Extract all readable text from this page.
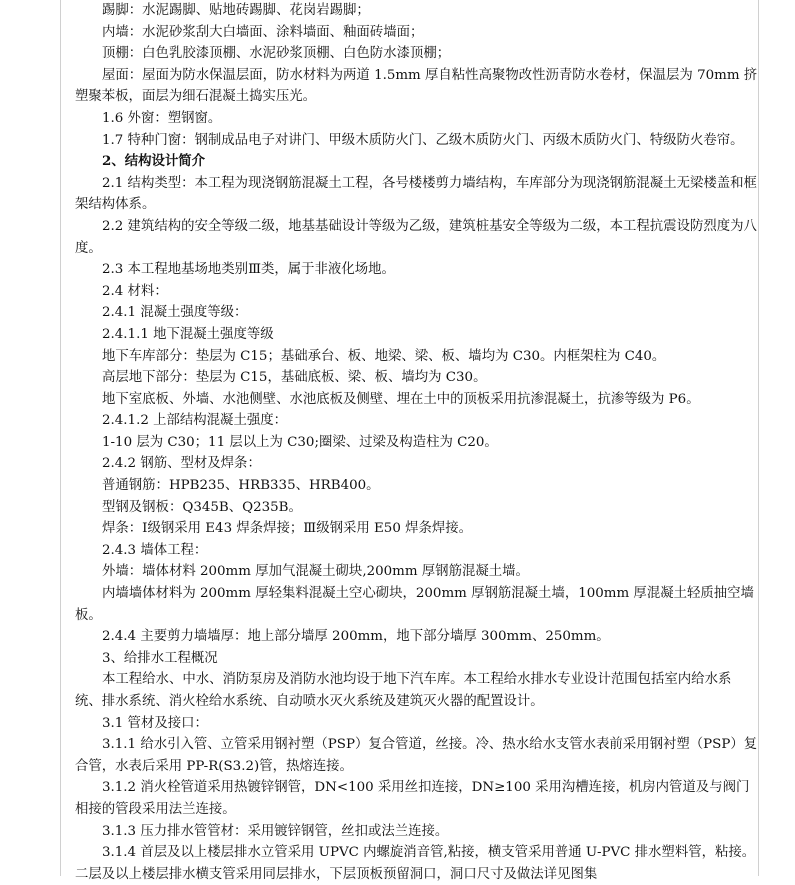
踢脚：水泥踢脚、贴地砖踢脚、花岗岩踢脚；

内墙：水泥砂浆刮大白墙面、涂料墙面、釉面砖墙面；

顶棚：白色乳胶漆顶棚、水泥砂浆顶棚、白色防水漆顶棚；

屋面：屋面为防水保温层面，防水材料为两道 1.5mm 厚自粘性高聚物改性沥青防水卷材，保温层为 70mm 挤塑聚苯板，面层为细石混凝土捣实压光。

1.6 外窗：塑钢窗。

1.7 特种门窗：钢制成品电子对讲门、甲级木质防火门、乙级木质防火门、丙级木质防火门、特级防火卷帘。

2、结构设计简介

2.1 结构类型：本工程为现浇钢筋混凝土工程，各号楼楼剪力墙结构，车库部分为现浇钢筋混凝土无梁楼盖和框架结构体系。

2.2 建筑结构的安全等级二级，地基基础设计等级为乙级，建筑桩基安全等级为二级，本工程抗震设防烈度为八度。

2.3 本工程地基场地类别Ⅲ类，属于非液化场地。

2.4 材料：

2.4.1 混凝土强度等级：

2.4.1.1 地下混凝土强度等级

地下车库部分：垫层为 C15；基础承台、板、地梁、梁、板、墙均为 C30。内框架柱为 C40。

高层地下部分：垫层为 C15，基础底板、梁、板、墙均为 C30。

地下室底板、外墙、水池侧壁、水池底板及侧壁、埋在土中的顶板采用抗渗混凝土，抗渗等级为 P6。

2.4.1.2 上部结构混凝土强度：

1-10 层为 C30；11 层以上为 C30;圈梁、过梁及构造柱为 C20。

2.4.2 钢筋、型材及焊条：

普通钢筋：HPB235、HRB335、HRB400。

型钢及钢板：Q345B、Q235B。

焊条：Ⅰ级钢采用 E43 焊条焊接；Ⅲ级钢采用 E50 焊条焊接。

2.4.3 墙体工程：

外墙：墙体材料 200mm 厚加气混凝土砌块,200mm 厚钢筋混凝土墙。

内墙墙体材料为 200mm 厚轻集料混凝土空心砌块，200mm 厚钢筋混凝土墙，100mm 厚混凝土轻质抽空墙板。

2.4.4 主要剪力墙墙厚：地上部分墙厚 200mm，地下部分墙厚 300mm、250mm。

3、给排水工程概况

本工程给水、中水、消防泵房及消防水池均设于地下汽车库。本工程给水排水专业设计范围包括室内给水系统、排水系统、消火栓给水系统、自动喷水灭火系统及建筑灭火器的配置设计。

3.1 管材及接口：

3.1.1 给水引入管、立管采用钢衬塑（PSP）复合管道，丝接。冷、热水给水支管水表前采用钢衬塑（PSP）复合管，水表后采用 PP-R(S3.2)管，热熔连接。

3.1.2 消火栓管道采用热镀锌钢管，DN<100 采用丝扣连接，DN≥100 采用沟槽连接，机房内管道及与阀门相接的管段采用法兰连接。

3.1.3 压力排水管管材：采用镀锌钢管，丝扣或法兰连接。

3.1.4 首层及以上楼层排水立管采用 UPVC 内螺旋消音管,粘接，横支管采用普通 U-PVC 排水塑料管，粘接。二层及以上楼层排水横支管采用同层排水，下层顶板预留洞口，洞口尺寸及做法详见图集
